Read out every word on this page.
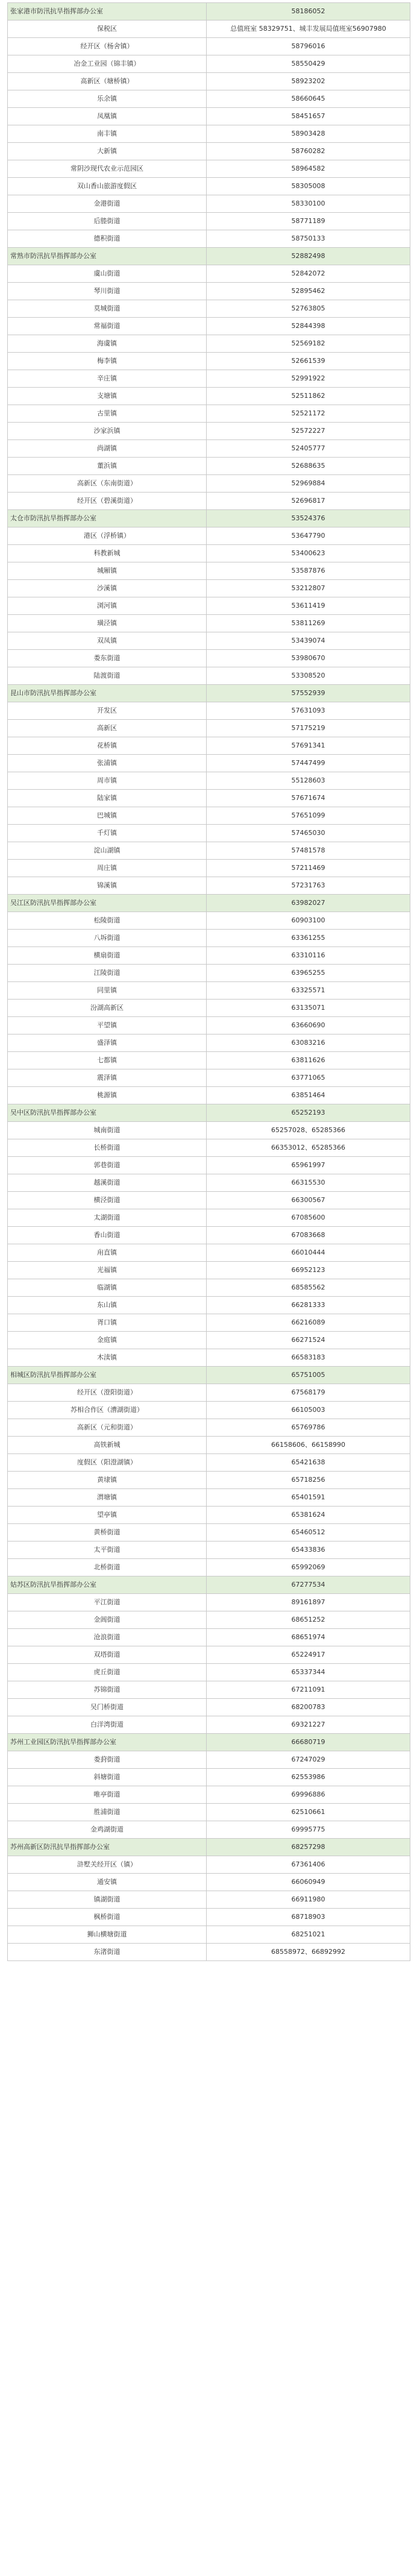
张家港市防汛抗旱指挥部办公室	58186052
保税区	总值班室 58329751、城丰发展局值班室56907980
经开区（杨舍镇）	58796016
冶金工业园（锦丰镇）	58550429
高新区（塘桥镇）	58923202
乐余镇	58660645
凤凰镇	58451657
南丰镇	58903428
大新镇	58760282
常阴沙现代农业示范园区	58964582
双山香山旅游度假区	58305008
金港街道	58330100
后塍街道	58771189
德积街道	58750133
常熟市防汛抗旱指挥部办公室	52882498
虞山街道	52842072
琴川街道	52895462
莫城街道	52763805
常福街道	52844398
海虞镇	52569182
梅李镇	52661539
辛庄镇	52991922
支塘镇	52511862
古里镇	52521172
沙家浜镇	52572227
尚湖镇	52405777
董浜镇	52688635
高新区（东南街道）	52969884
经开区（碧溪街道）	52696817
太仓市防汛抗旱指挥部办公室	53524376
港区（浮桥镇）	53647790
科教新城	53400623
城厢镇	53587876
沙溪镇	53212807
浏河镇	53611419
璜泾镇	53811269
双凤镇	53439074
娄东街道	53980670
陆渡街道	53308520
昆山市防汛抗旱指挥部办公室	57552939
开发区	57631093
高新区	57175219
花桥镇	57691341
张浦镇	57447499
周市镇	55128603
陆家镇	57671674
巴城镇	57651099
千灯镇	57465030
淀山湖镇	57481578
周庄镇	57211469
锦溪镇	57231763
吴江区防汛抗旱指挥部办公室	63982027
松陵街道	60903100
八坼街道	63361255
横扇街道	63310116
江陵街道	63965255
同里镇	63325571
汾湖高新区	63135071
平望镇	63660690
盛泽镇	63083216
七都镇	63811626
震泽镇	63771065
桃源镇	63851464
吴中区防汛抗旱指挥部办公室	65252193
城南街道	65257028、65285366
长桥街道	66353012、65285366
郭巷街道	65961997
越溪街道	66315530
横泾街道	66300567
太湖街道	67085600
香山街道	67083668
甪直镇	66010444
光福镇	66952123
临湖镇	68585562
东山镇	66281333
胥口镇	66216089
金庭镇	66271524
木渎镇	66583183
相城区防汛抗旱指挥部办公室	65751005
经开区（澄阳街道）	67568179
苏相合作区（漕湖街道）	66105003
高新区（元和街道）	65769786
高铁新城	66158606、66158990
度假区（阳澄湖镇）	65421638
黄埭镇	65718256
渭塘镇	65401591
望亭镇	65381624
黄桥街道	65460512
太平街道	65433836
北桥街道	65992069
姑苏区防汛抗旱指挥部办公室	67277534
平江街道	89161897
金阊街道	68651252
沧浪街道	68651974
双塔街道	65224917
虎丘街道	65337344
苏锦街道	67211091
吴门桥街道	68200783
白洋湾街道	69321227
苏州工业园区防汛抗旱指挥部办公室	66680719
娄葑街道	67247029
斜塘街道	62553986
唯亭街道	69996886
胜浦街道	62510661
金鸡湖街道	69995775
苏州高新区防汛抗旱指挥部办公室	68257298
浒墅关经开区（镇）	67361406
通安镇	66060949
镇湖街道	66911980
枫桥街道	68718903
狮山横塘街道	68251021
东渚街道	68558972、66892992
